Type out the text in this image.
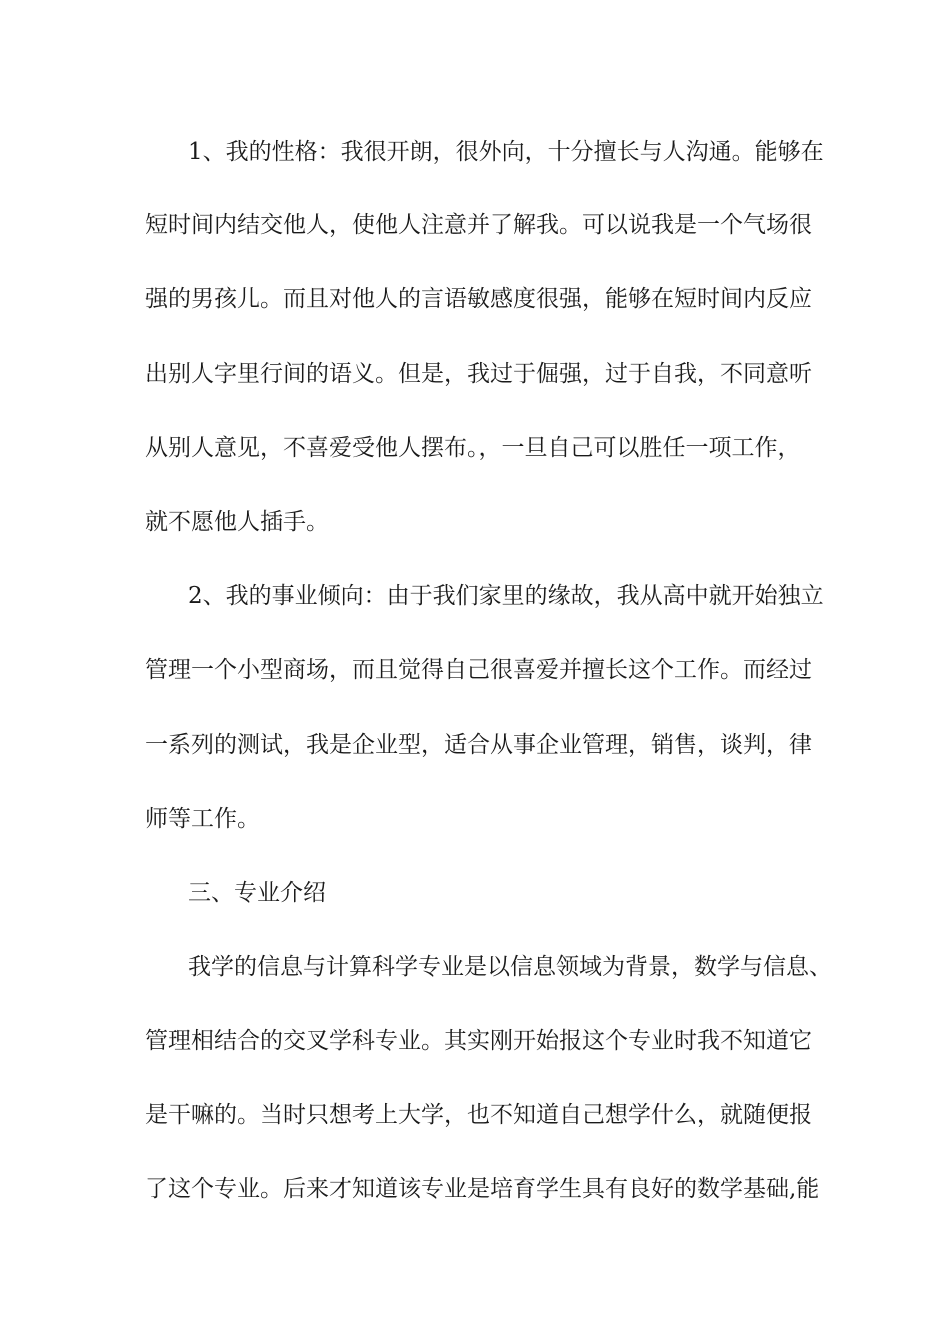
1、我的性格：我很开朗，很外向，十分擅长与人沟通。能够在
短时间内结交他人，使他人注意并了解我。可以说我是一个气场很
强的男孩儿。而且对他人的言语敏感度很强，能够在短时间内反应
出别人字里行间的语义。但是，我过于倔强，过于自我，不同意听
从别人意见，不喜爱受他人摆布。，一旦自己可以胜任一项工作，
就不愿他人插手。
2、我的事业倾向：由于我们家里的缘故，我从高中就开始独立
管理一个小型商场，而且觉得自己很喜爱并擅长这个工作。而经过
一系列的测试，我是企业型，适合从事企业管理，销售，谈判，律
师等工作。
三、专业介绍
我学的信息与计算科学专业是以信息领域为背景，数学与信息、
管理相结合的交叉学科专业。其实刚开始报这个专业时我不知道它
是干嘛的。当时只想考上大学，也不知道自己想学什么，就随便报
了这个专业。后来才知道该专业是培育学生具有良好的数学基础,能
